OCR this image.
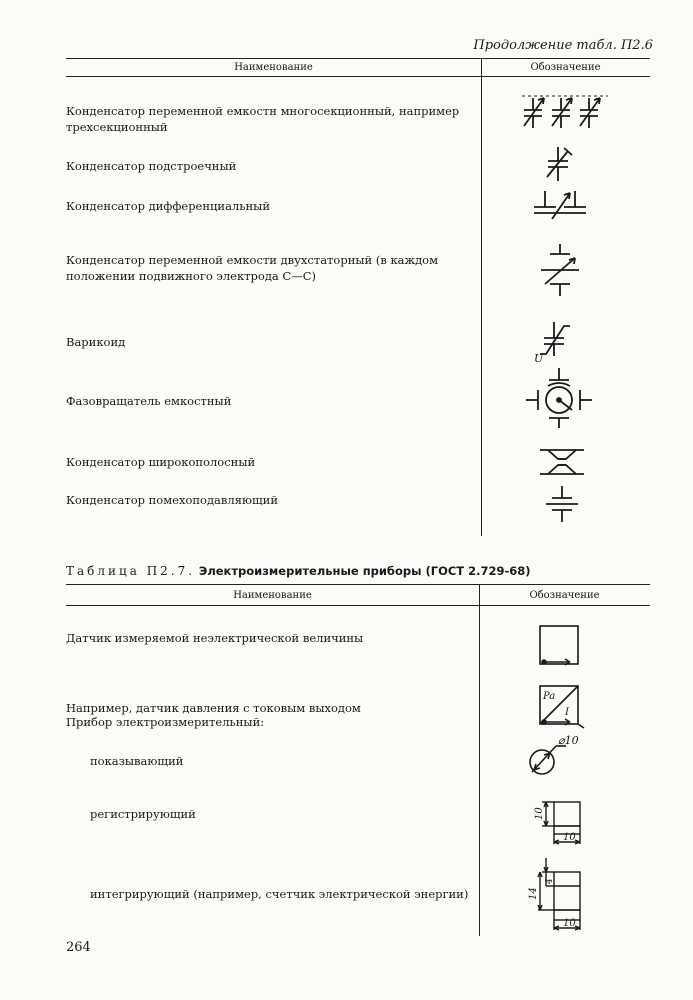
Продолжение табл. П2.6
Наименование	Обозначение
Конденсатор переменной емкостн многосекционный, например трехсекционный
Конденсатор подстроечный
Конденсатор дифференциальный
Конденсатор переменной емкости двухстаторный (в каждом положении подвижного электрода C—C)
Варикоид
Фазовращатель емкостный
Конденсатор широкополосный
Конденсатор помехоподавляющий
U
Таблица П2.7. Электроизмерительные приборы (ГОСТ 2.729-68)
Наименование	Обозначение
Датчик измеряемой неэлектрической величины
Например, датчик давления с токовым выходом
Прибор электроизмерительный:
показывающий
регистрирующий
интегрирующий (например, счетчик электрической энергии)
Pa
I
⌀10
10
10
14
4
10
264
